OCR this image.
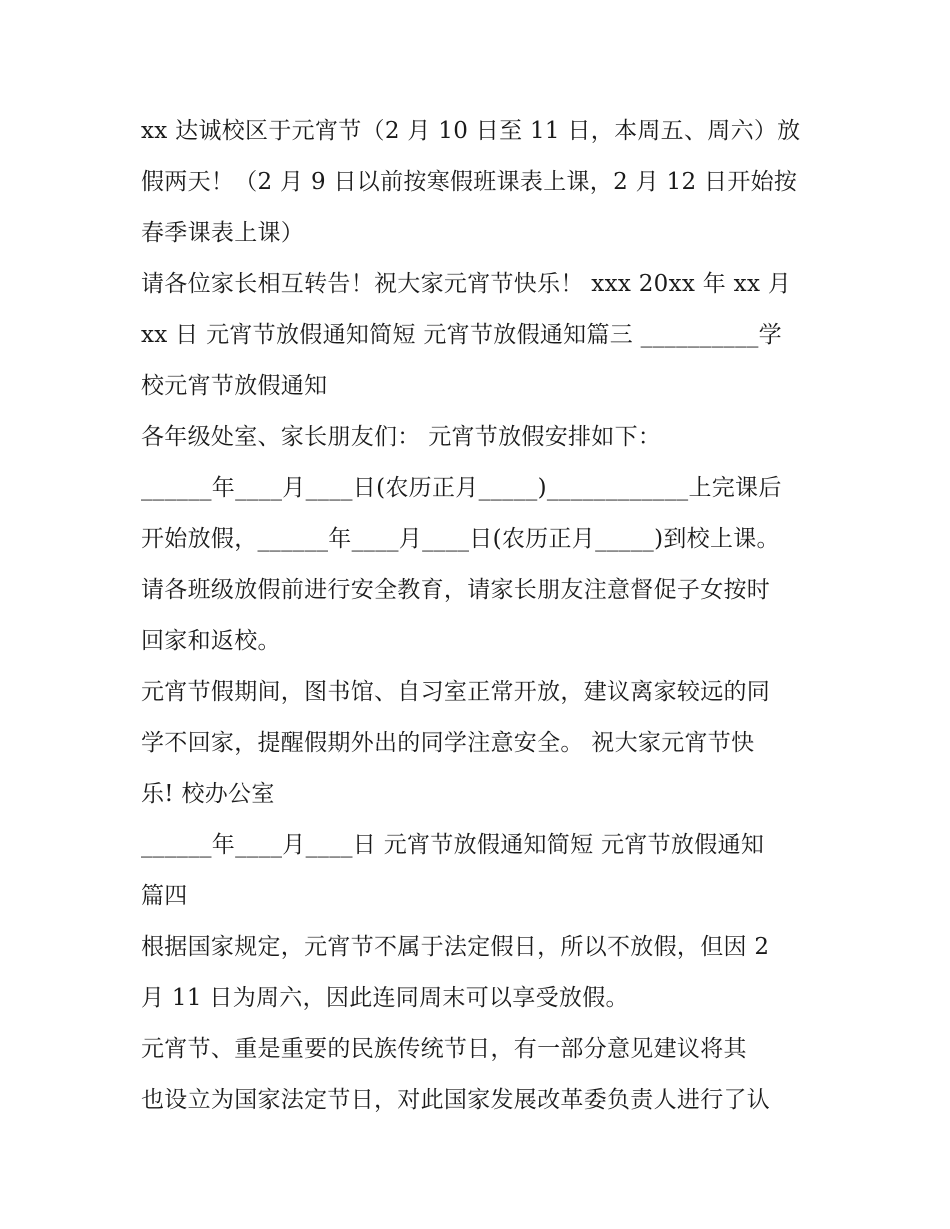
xx 达诚校区于元宵节（2 月 10 日至 11 日，本周五、周六）放
假两天！（2 月 9 日以前按寒假班课表上课，2 月 12 日开始按
春季课表上课）
请各位家长相互转告！祝大家元宵节快乐！ xxx 20xx 年 xx 月
xx 日 元宵节放假通知简短 元宵节放假通知篇三 __________学
校元宵节放假通知
各年级处室、家长朋友们： 元宵节放假安排如下：
______年____月____日(农历正月_____)____________上完课后
开始放假，______年____月____日(农历正月_____)到校上课。
请各班级放假前进行安全教育，请家长朋友注意督促子女按时
回家和返校。
元宵节假期间，图书馆、自习室正常开放，建议离家较远的同
学不回家，提醒假期外出的同学注意安全。 祝大家元宵节快
乐! 校办公室
______年____月____日 元宵节放假通知简短 元宵节放假通知
篇四
根据国家规定，元宵节不属于法定假日，所以不放假，但因 2
月 11 日为周六，因此连同周末可以享受放假。
元宵节、重是重要的民族传统节日，有一部分意见建议将其
也设立为国家法定节日，对此国家发展改革委负责人进行了认
